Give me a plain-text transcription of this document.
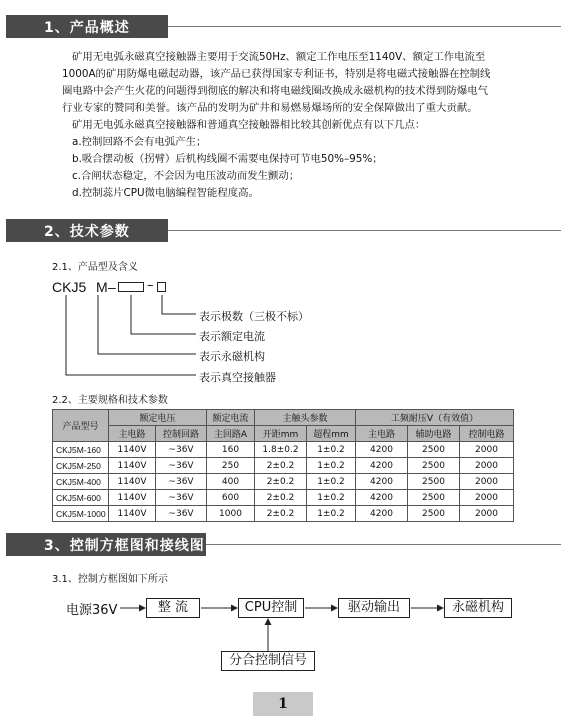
1、产品概述
矿用无电弧永磁真空接触器主要用于交流50Hz、额定工作电压至1140V、额定工作电流至
1000A的矿用防爆电磁起动器，该产品已获得国家专利证书，特别是将电磁式接触器在控制线
圈电路中会产生火花的问题得到彻底的解决和将电磁线圈改换成永磁机构的技术得到防爆电气
行业专家的赞同和美誉。该产品的发明为矿井和易燃易爆场所的安全保障做出了重大贡献。
矿用无电弧永磁真空接触器和普通真空接触器相比较其创新优点有以下几点：
a.控制回路不会有电弧产生；
b.吸合摆动板（拐臂）后机构线圈不需要电保持可节电50%–95%；
c.合闸状态稳定，不会因为电压波动而发生颤动；
d.控制蕊片CPU微电脑编程智能程度高。
2、技术参数
2.1、产品型及含义
CKJ5 M – –
表示极数（三极不标）
表示额定电流
表示永磁机构
表示真空接触器
2.2、主要规格和技术参数
产品型号	额定电压		额定电流	主触头参数		工频耐压V（有效值）		
	主电路	控制回路	主回路A	开距mm	超程mm	主电路	辅助电路	控制电路
CKJ5M-160	1140V	~36V	160	1.8±0.2	1±0.2	4200	2500	2000
CKJ5M-250	1140V	~36V	250	2±0.2	1±0.2	4200	2500	2000
CKJ5M-400	1140V	~36V	400	2±0.2	1±0.2	4200	2500	2000
CKJ5M-600	1140V	~36V	600	2±0.2	1±0.2	4200	2500	2000
CKJ5M-1000	1140V	~36V	1000	2±0.2	1±0.2	4200	2500	2000
3、控制方框图和接线图
3.1、控制方框图如下所示
电源36V	整 流	CPU控制	驱动输出	永磁机构
分合控制信号
1
